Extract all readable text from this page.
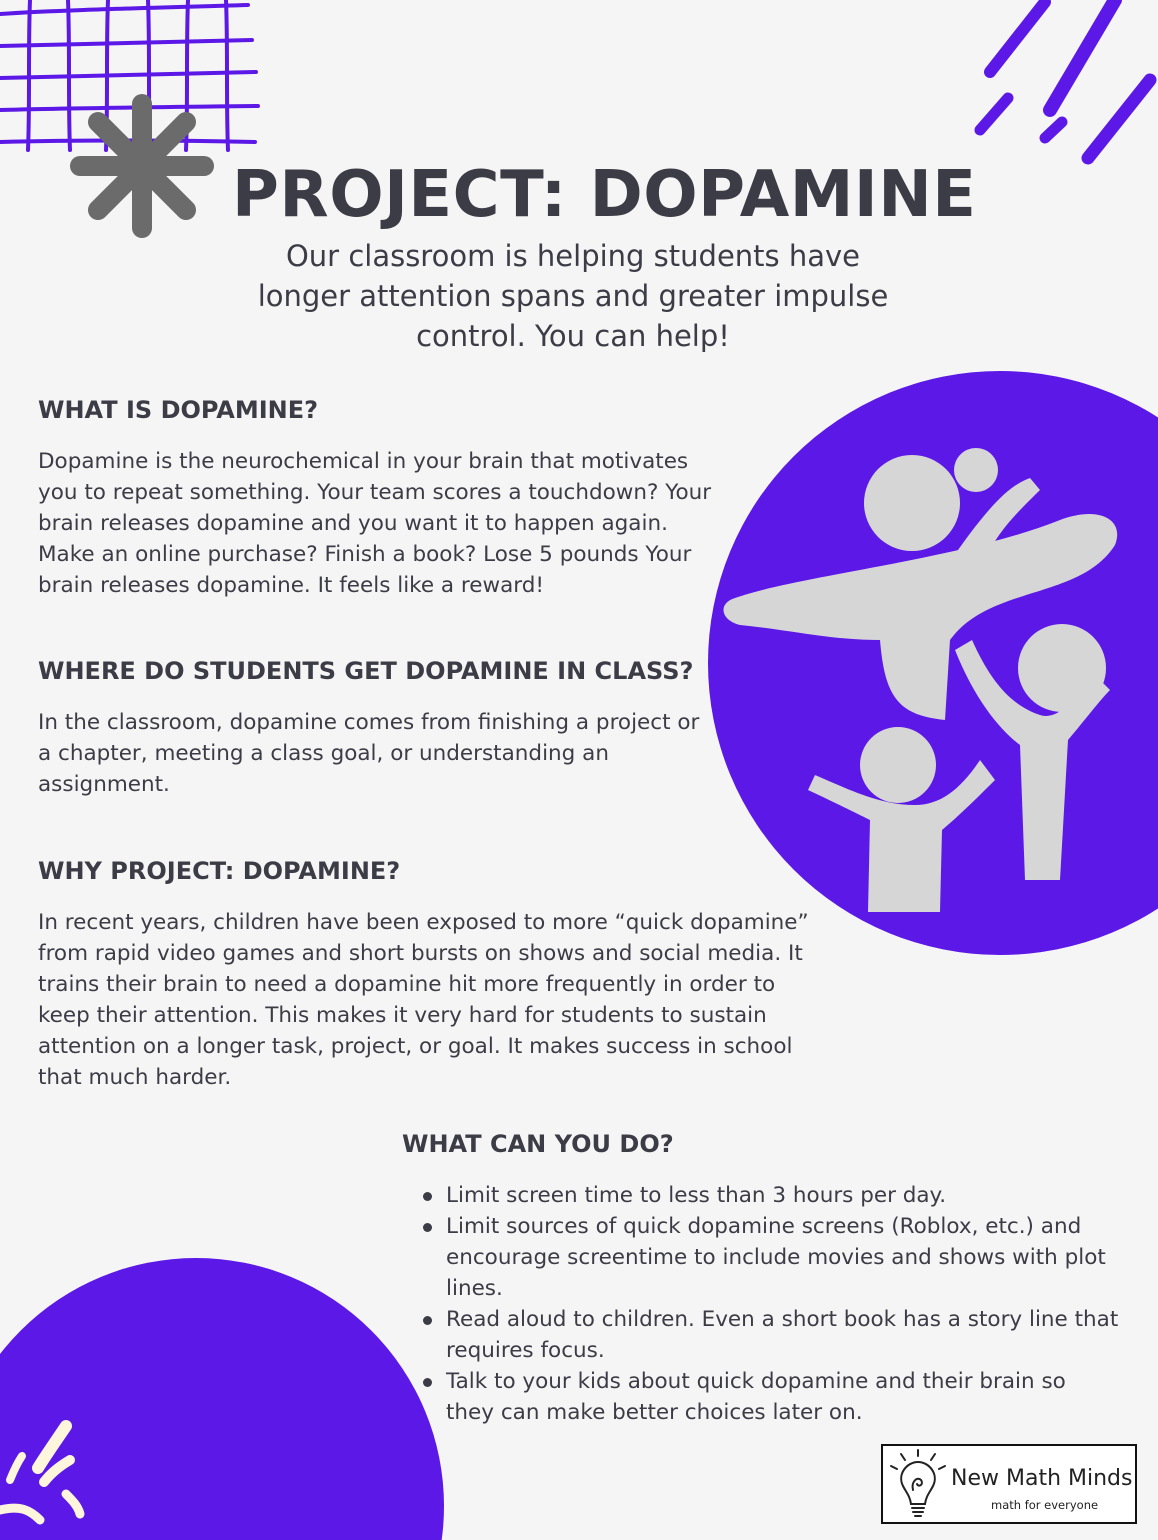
PROJECT: DOPAMINE
Our classroom is helping students have longer attention spans and greater impulse control. You can help!
WHAT IS DOPAMINE?
Dopamine is the neurochemical in your brain that motivates you to repeat something. Your team scores a touchdown? Your brain releases dopamine and you want it to happen again. Make an online purchase? Finish a book? Lose 5 pounds Your brain releases dopamine. It feels like a reward!
WHERE DO STUDENTS GET DOPAMINE IN CLASS?
In the classroom, dopamine comes from finishing a project or a chapter, meeting a class goal, or understanding an assignment.
WHY PROJECT: DOPAMINE?
In recent years, children have been exposed to more “quick dopamine” from rapid video games and short bursts on shows and social media. It trains their brain to need a dopamine hit more frequently in order to keep their attention. This makes it very hard for students to sustain attention on a longer task, project, or goal. It makes success in school that much harder.
WHAT CAN YOU DO?
Limit screen time to less than 3 hours per day.
Limit sources of quick dopamine screens (Roblox, etc.) and encourage screentime to include movies and shows with plot lines.
Read aloud to children. Even a short book has a story line that requires focus.
Talk to your kids about quick dopamine and their brain so they can make better choices later on.
New Math Minds
math for everyone
